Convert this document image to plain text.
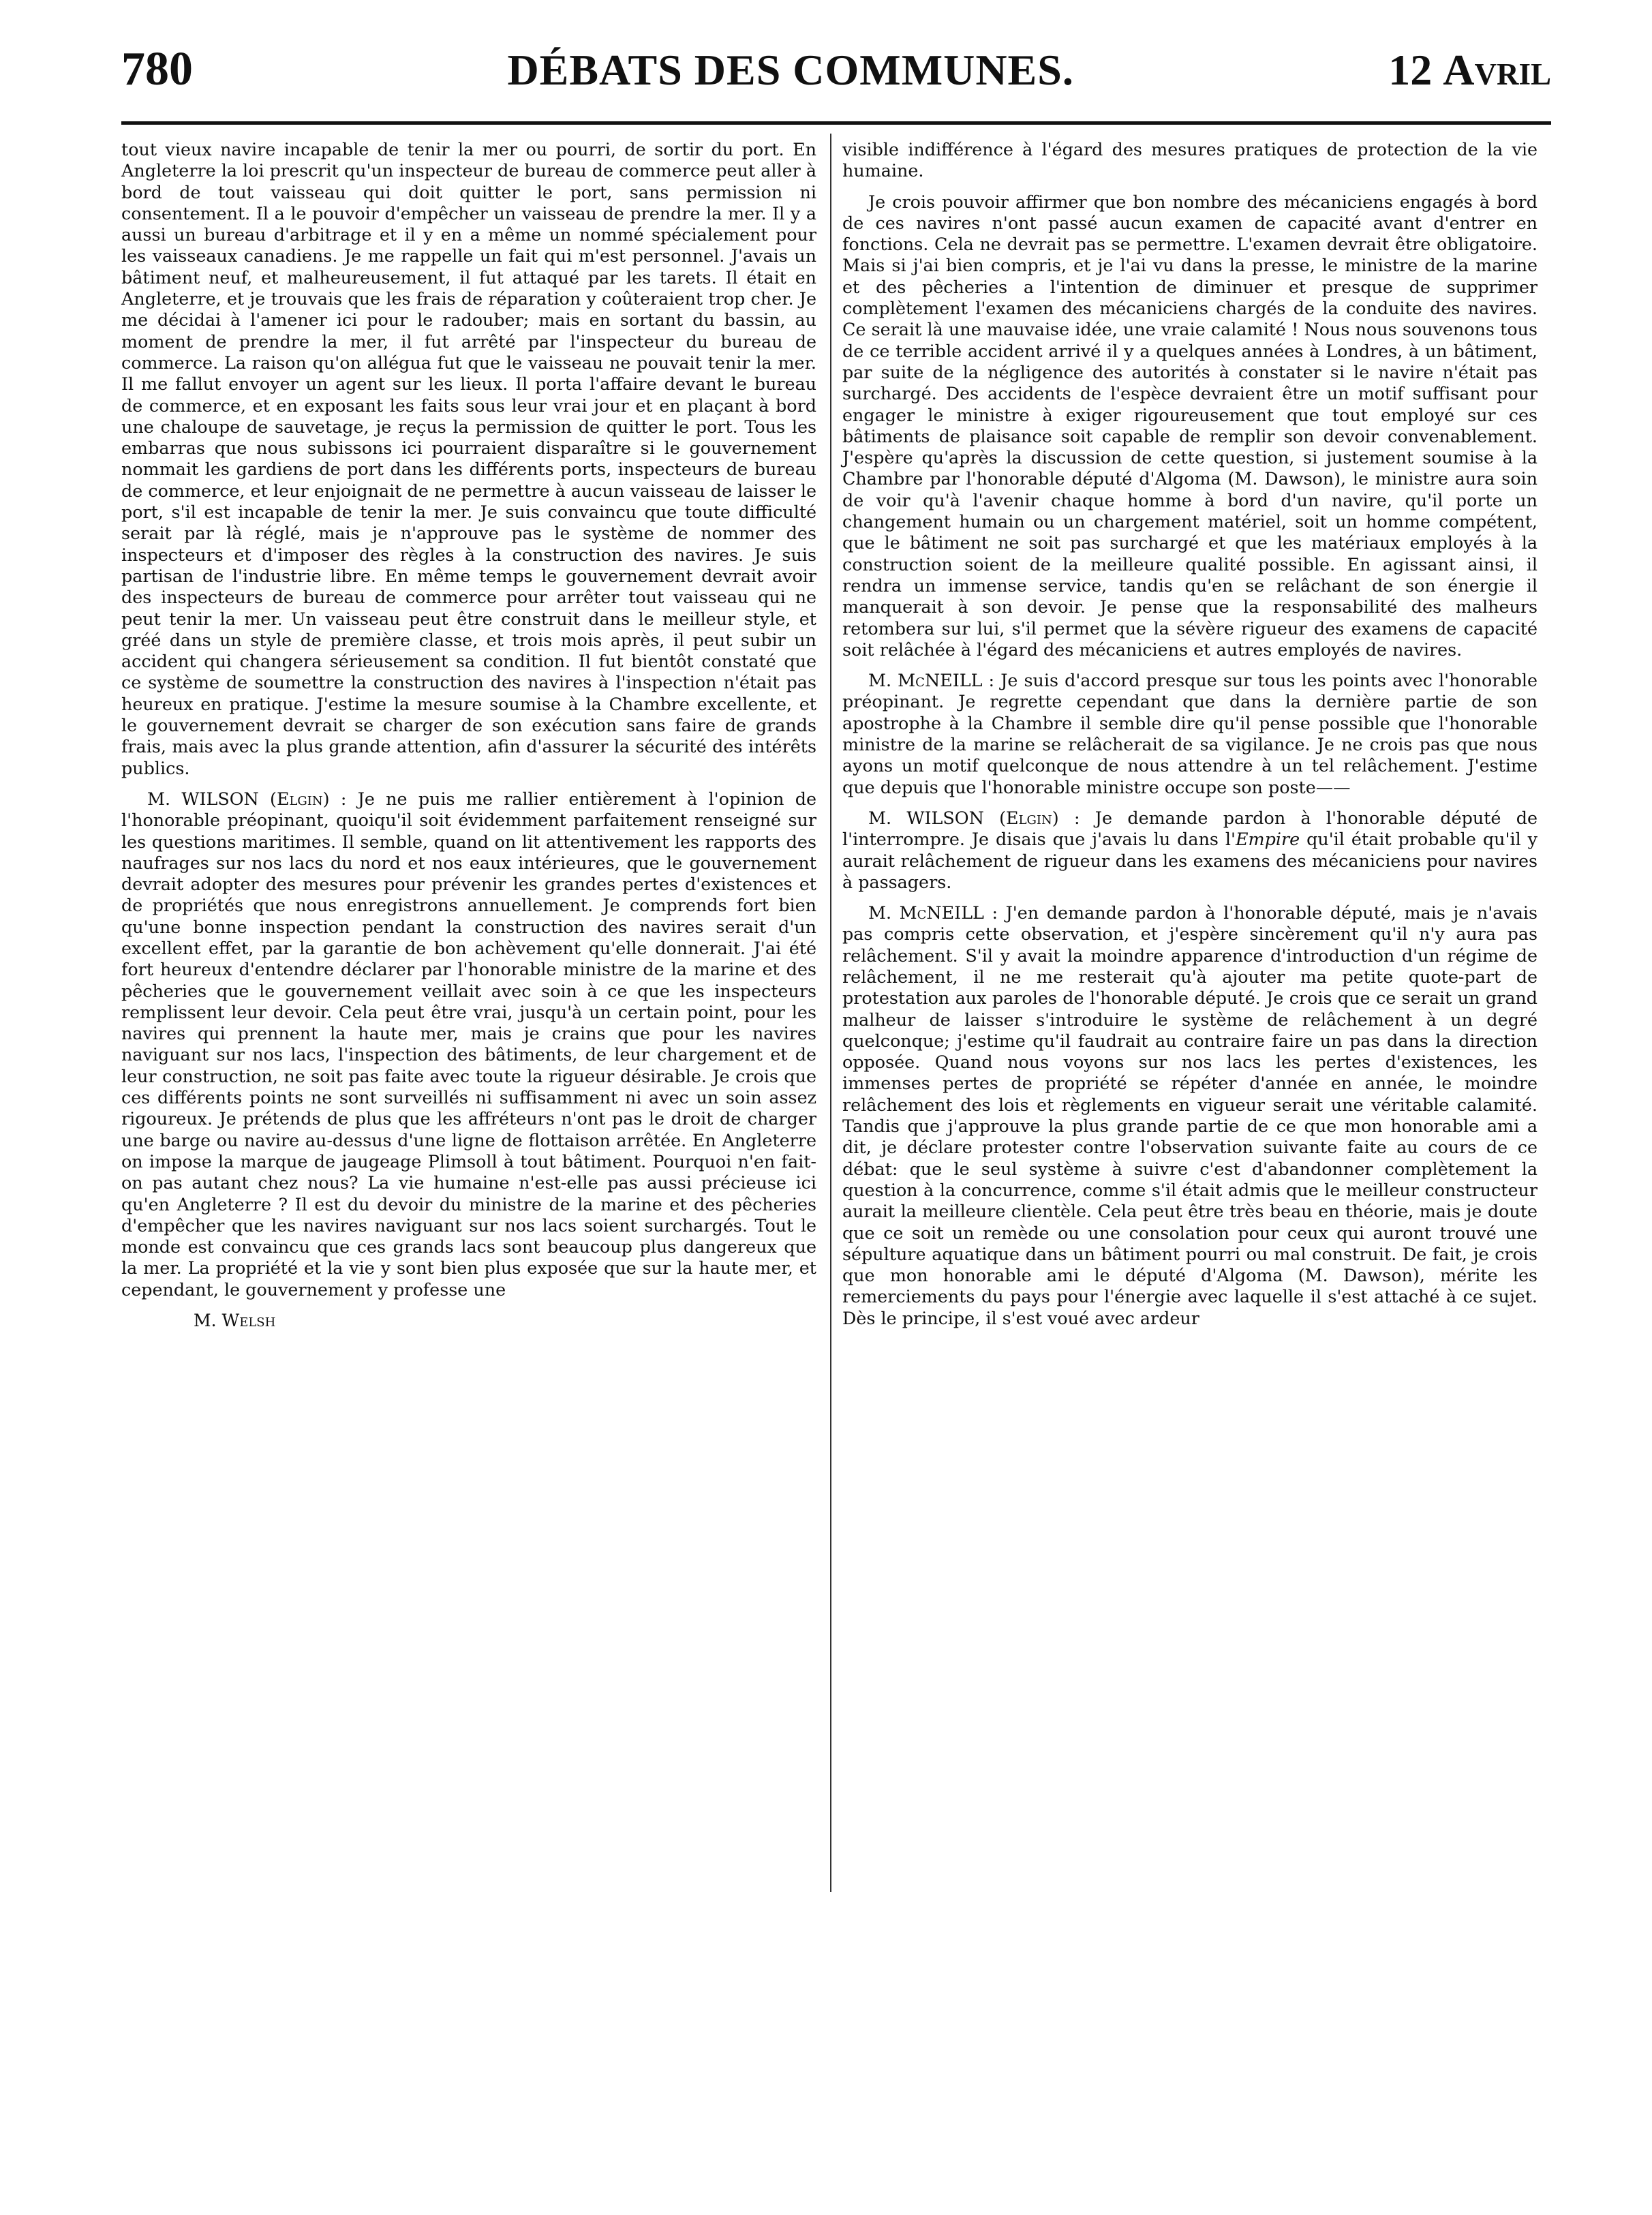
780	DÉBATS DES COMMUNES.	12 Avril

tout vieux navire incapable de tenir la mer ou pourri, de sortir du port. En Angleterre la loi prescrit qu'un inspecteur de bureau de commerce peut aller à bord de tout vaisseau qui doit quitter le port, sans permission ni consentement. Il a le pouvoir d'empêcher un vaisseau de prendre la mer. Il y a aussi un bureau d'arbitrage et il y en a même un nommé spécialement pour les vaisseaux canadiens. Je me rappelle un fait qui m'est personnel. J'avais un bâtiment neuf, et malheureusement, il fut attaqué par les tarets. Il était en Angleterre, et je trouvais que les frais de réparation y coûteraient trop cher. Je me décidai à l'amener ici pour le radouber; mais en sortant du bassin, au moment de prendre la mer, il fut arrêté par l'inspecteur du bureau de commerce. La raison qu'on allégua fut que le vaisseau ne pouvait tenir la mer. Il me fallut envoyer un agent sur les lieux. Il porta l'affaire devant le bureau de commerce, et en exposant les faits sous leur vrai jour et en plaçant à bord une chaloupe de sauvetage, je reçus la permission de quitter le port. Tous les embarras que nous subissons ici pourraient disparaître si le gouvernement nommait les gardiens de port dans les différents ports, inspecteurs de bureau de commerce, et leur enjoignait de ne permettre à aucun vaisseau de laisser le port, s'il est incapable de tenir la mer. Je suis convaincu que toute difficulté serait par là réglé, mais je n'approuve pas le système de nommer des inspecteurs et d'imposer des règles à la construction des navires. Je suis partisan de l'industrie libre. En même temps le gouvernement devrait avoir des inspecteurs de bureau de commerce pour arrêter tout vaisseau qui ne peut tenir la mer. Un vaisseau peut être construit dans le meilleur style, et gréé dans un style de première classe, et trois mois après, il peut subir un accident qui changera sérieusement sa condition. Il fut bientôt constaté que ce système de soumettre la construction des navires à l'inspection n'était pas heureux en pratique. J'estime la mesure soumise à la Chambre excellente, et le gouvernement devrait se charger de son exécution sans faire de grands frais, mais avec la plus grande attention, afin d'assurer la sécurité des intérêts publics.

M. WILSON (Elgin) : Je ne puis me rallier entièrement à l'opinion de l'honorable préopinant, quoiqu'il soit évidemment parfaitement renseigné sur les questions maritimes. Il semble, quand on lit attentivement les rapports des naufrages sur nos lacs du nord et nos eaux intérieures, que le gouvernement devrait adopter des mesures pour prévenir les grandes pertes d'existences et de propriétés que nous enregistrons annuellement. Je comprends fort bien qu'une bonne inspection pendant la construction des navires serait d'un excellent effet, par la garantie de bon achèvement qu'elle donnerait. J'ai été fort heureux d'entendre déclarer par l'honorable ministre de la marine et des pêcheries que le gouvernement veillait avec soin à ce que les inspecteurs remplissent leur devoir. Cela peut être vrai, jusqu'à un certain point, pour les navires qui prennent la haute mer, mais je crains que pour les navires naviguant sur nos lacs, l'inspection des bâtiments, de leur chargement et de leur construction, ne soit pas faite avec toute la rigueur désirable. Je crois que ces différents points ne sont surveillés ni suffisamment ni avec un soin assez rigoureux. Je prétends de plus que les affréteurs n'ont pas le droit de charger une barge ou navire au-dessus d'une ligne de flottaison arrêtée. En Angleterre on impose la marque de jaugeage Plimsoll à tout bâtiment. Pourquoi n'en fait-on pas autant chez nous? La vie humaine n'est-elle pas aussi précieuse ici qu'en Angleterre ? Il est du devoir du ministre de la marine et des pêcheries d'empêcher que les navires naviguant sur nos lacs soient surchargés. Tout le monde est convaincu que ces grands lacs sont beaucoup plus dangereux que la mer. La propriété et la vie y sont bien plus exposée que sur la haute mer, et cependant, le gouvernement y professe une

M. Welsh

visible indifférence à l'égard des mesures pratiques de protection de la vie humaine.

Je crois pouvoir affirmer que bon nombre des mécaniciens engagés à bord de ces navires n'ont passé aucun examen de capacité avant d'entrer en fonctions. Cela ne devrait pas se permettre. L'examen devrait être obligatoire. Mais si j'ai bien compris, et je l'ai vu dans la presse, le ministre de la marine et des pêcheries a l'intention de diminuer et presque de supprimer complètement l'examen des mécaniciens chargés de la conduite des navires. Ce serait là une mauvaise idée, une vraie calamité ! Nous nous souvenons tous de ce terrible accident arrivé il y a quelques années à Londres, à un bâtiment, par suite de la négligence des autorités à constater si le navire n'était pas surchargé. Des accidents de l'espèce devraient être un motif suffisant pour engager le ministre à exiger rigoureusement que tout employé sur ces bâtiments de plaisance soit capable de remplir son devoir convenablement. J'espère qu'après la discussion de cette question, si justement soumise à la Chambre par l'honorable député d'Algoma (M. Dawson), le ministre aura soin de voir qu'à l'avenir chaque homme à bord d'un navire, qu'il porte un changement humain ou un chargement matériel, soit un homme compétent, que le bâtiment ne soit pas surchargé et que les matériaux employés à la construction soient de la meilleure qualité possible. En agissant ainsi, il rendra un immense service, tandis qu'en se relâchant de son énergie il manquerait à son devoir. Je pense que la responsabilité des malheurs retombera sur lui, s'il permet que la sévère rigueur des examens de capacité soit relâchée à l'égard des mécaniciens et autres employés de navires.

M. McNEILL : Je suis d'accord presque sur tous les points avec l'honorable préopinant. Je regrette cependant que dans la dernière partie de son apostrophe à la Chambre il semble dire qu'il pense possible que l'honorable ministre de la marine se relâcherait de sa vigilance. Je ne crois pas que nous ayons un motif quelconque de nous attendre à un tel relâchement. J'estime que depuis que l'honorable ministre occupe son poste——

M. WILSON (Elgin) : Je demande pardon à l'honorable député de l'interrompre. Je disais que j'avais lu dans l'Empire qu'il était probable qu'il y aurait relâchement de rigueur dans les examens des mécaniciens pour navires à passagers.

M. McNEILL : J'en demande pardon à l'honorable député, mais je n'avais pas compris cette observation, et j'espère sincèrement qu'il n'y aura pas relâchement. S'il y avait la moindre apparence d'introduction d'un régime de relâchement, il ne me resterait qu'à ajouter ma petite quote-part de protestation aux paroles de l'honorable député. Je crois que ce serait un grand malheur de laisser s'introduire le système de relâchement à un degré quelconque; j'estime qu'il faudrait au contraire faire un pas dans la direction opposée. Quand nous voyons sur nos lacs les pertes d'existences, les immenses pertes de propriété se répéter d'année en année, le moindre relâchement des lois et règlements en vigueur serait une véritable calamité. Tandis que j'approuve la plus grande partie de ce que mon honorable ami a dit, je déclare protester contre l'observation suivante faite au cours de ce débat: que le seul système à suivre c'est d'abandonner complètement la question à la concurrence, comme s'il était admis que le meilleur constructeur aurait la meilleure clientèle. Cela peut être très beau en théorie, mais je doute que ce soit un remède ou une consolation pour ceux qui auront trouvé une sépulture aquatique dans un bâtiment pourri ou mal construit. De fait, je crois que mon honorable ami le député d'Algoma (M. Dawson), mérite les remerciements du pays pour l'énergie avec laquelle il s'est attaché à ce sujet. Dès le principe, il s'est voué avec ardeur
